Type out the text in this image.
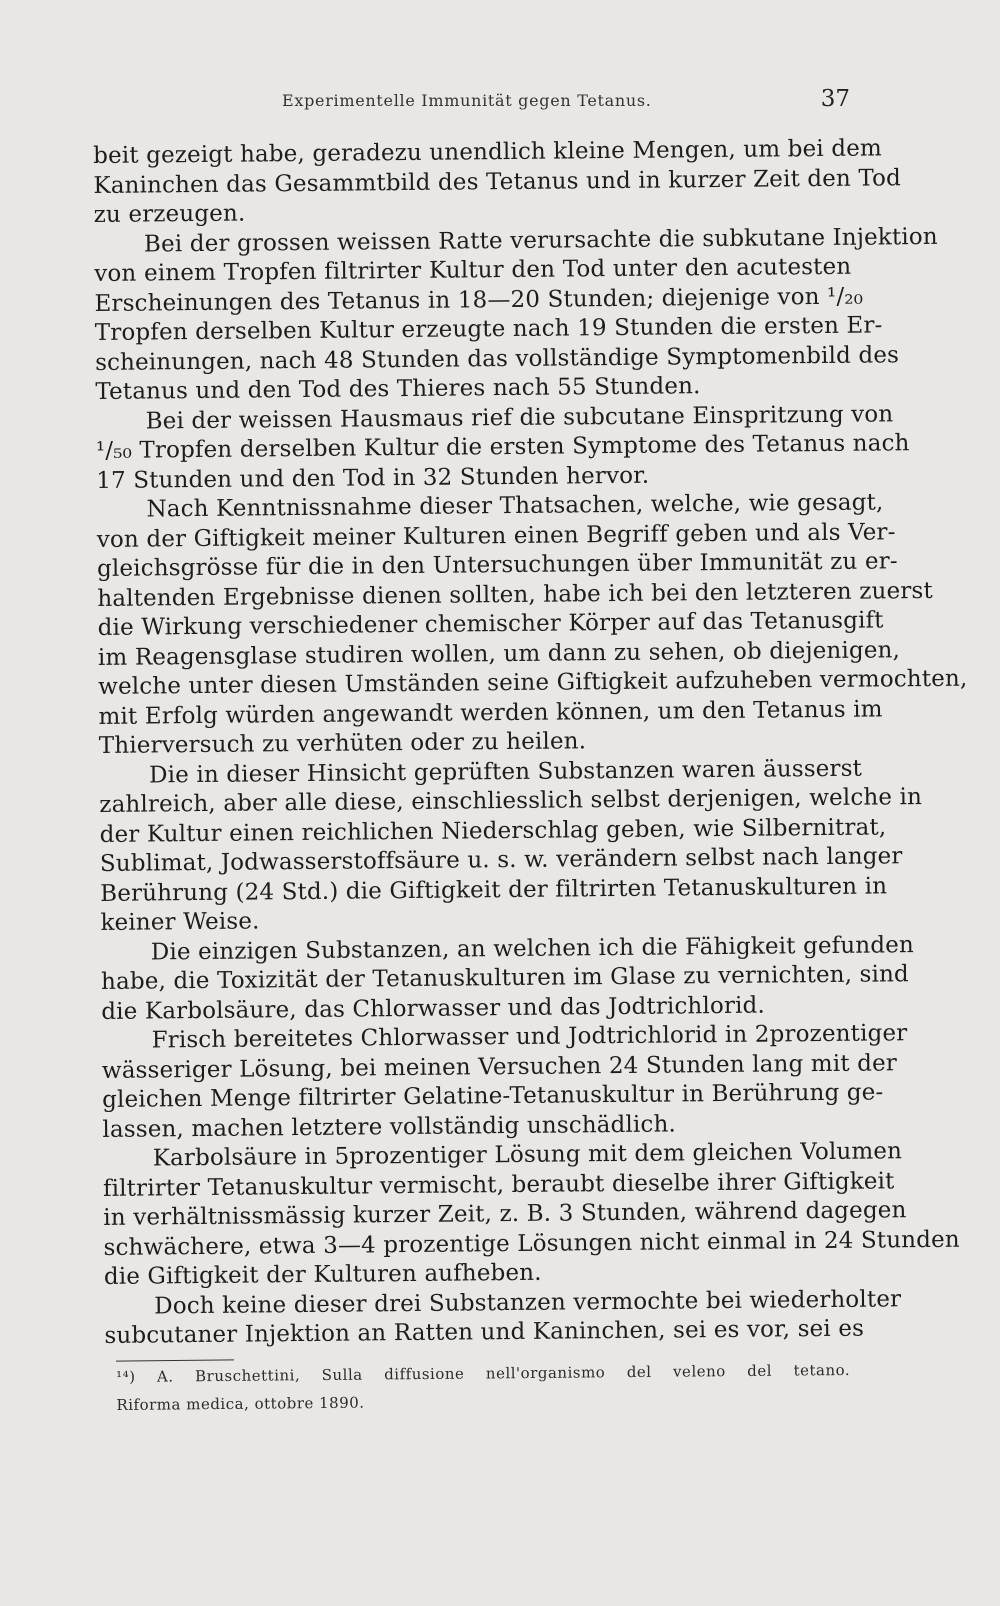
Experimentelle Immunität gegen Tetanus.	37
beit gezeigt habe, geradezu unendlich kleine Mengen, um bei dem
Kaninchen das Gesammtbild des Tetanus und in kurzer Zeit den Tod
zu erzeugen.
Bei der grossen weissen Ratte verursachte die subkutane Injektion
von einem Tropfen filtrirter Kultur den Tod unter den acutesten
Erscheinungen des Tetanus in 18—20 Stunden; diejenige von ¹/₂₀
Tropfen derselben Kultur erzeugte nach 19 Stunden die ersten Er-
scheinungen, nach 48 Stunden das vollständige Symptomenbild des
Tetanus und den Tod des Thieres nach 55 Stunden.
Bei der weissen Hausmaus rief die subcutane Einspritzung von
¹/₅₀ Tropfen derselben Kultur die ersten Symptome des Tetanus nach
17 Stunden und den Tod in 32 Stunden hervor.
Nach Kenntnissnahme dieser Thatsachen, welche, wie gesagt,
von der Giftigkeit meiner Kulturen einen Begriff geben und als Ver-
gleichsgrösse für die in den Untersuchungen über Immunität zu er-
haltenden Ergebnisse dienen sollten, habe ich bei den letzteren zuerst
die Wirkung verschiedener chemischer Körper auf das Tetanusgift
im Reagensglase studiren wollen, um dann zu sehen, ob diejenigen,
welche unter diesen Umständen seine Giftigkeit aufzuheben vermochten,
mit Erfolg würden angewandt werden können, um den Tetanus im
Thierversuch zu verhüten oder zu heilen.
Die in dieser Hinsicht geprüften Substanzen waren äusserst
zahlreich, aber alle diese, einschliesslich selbst derjenigen, welche in
der Kultur einen reichlichen Niederschlag geben, wie Silbernitrat,
Sublimat, Jodwasserstoffsäure u. s. w. verändern selbst nach langer
Berührung (24 Std.) die Giftigkeit der filtrirten Tetanuskulturen in
keiner Weise.
Die einzigen Substanzen, an welchen ich die Fähigkeit gefunden
habe, die Toxizität der Tetanuskulturen im Glase zu vernichten, sind
die Karbolsäure, das Chlorwasser und das Jodtrichlorid.
Frisch bereitetes Chlorwasser und Jodtrichlorid in 2prozentiger
wässeriger Lösung, bei meinen Versuchen 24 Stunden lang mit der
gleichen Menge filtrirter Gelatine-Tetanuskultur in Berührung ge-
lassen, machen letztere vollständig unschädlich.
Karbolsäure in 5prozentiger Lösung mit dem gleichen Volumen
filtrirter Tetanuskultur vermischt, beraubt dieselbe ihrer Giftigkeit
in verhältnissmässig kurzer Zeit, z. B. 3 Stunden, während dagegen
schwächere, etwa 3—4 prozentige Lösungen nicht einmal in 24 Stunden
die Giftigkeit der Kulturen aufheben.
Doch keine dieser drei Substanzen vermochte bei wiederholter
subcutaner Injektion an Ratten und Kaninchen, sei es vor, sei es
¹⁴) A. Bruschettini, Sulla diffusione nell'organismo del veleno del tetano.
Riforma medica, ottobre 1890.
